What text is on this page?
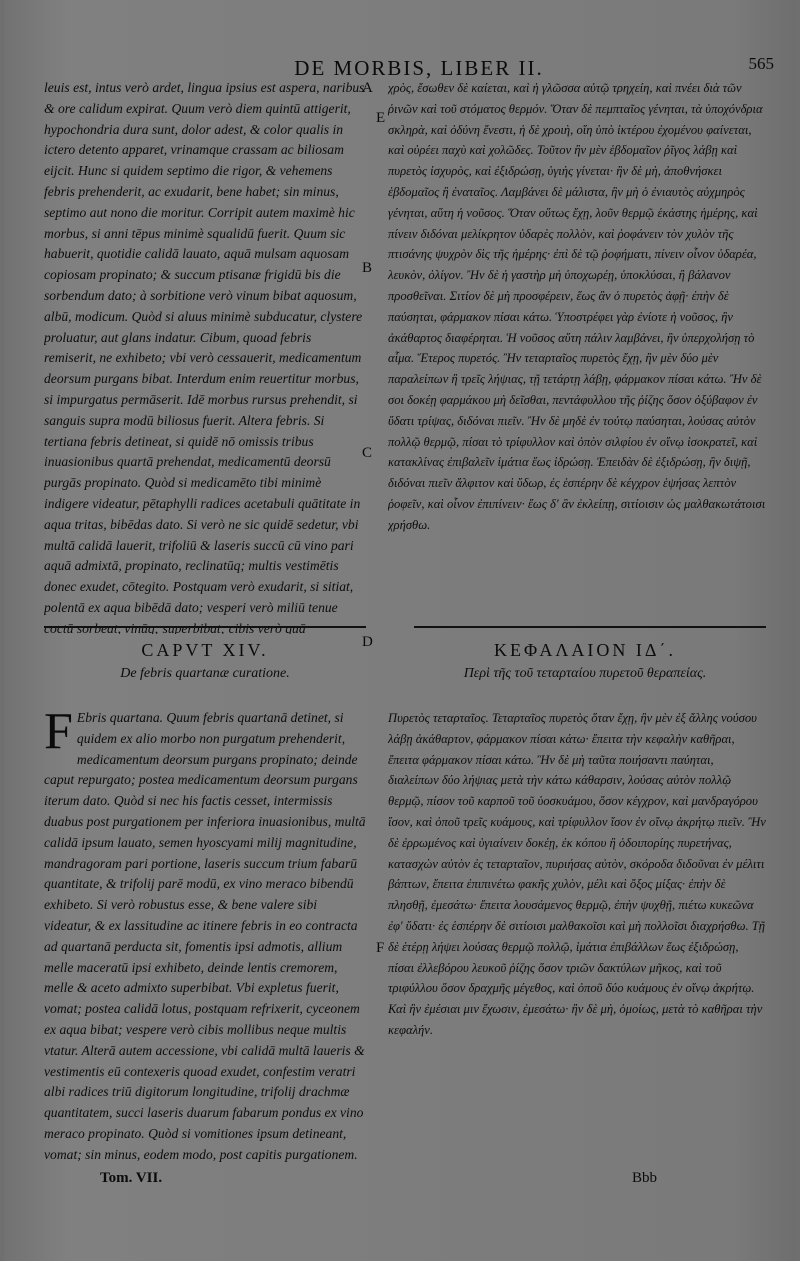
DE MORBIS, LIBER II.	565

leuis est, intus verò ardet, lingua ipsius est aspera, naribus & ore calidum expirat. Quum verò diem quintū attigerit, hypochondria dura sunt, dolor adest, & color qualis in ictero detento apparet, vrinamque crassam ac biliosam eijcit. Hunc si quidem septimo die rigor, & vehemens febris prehenderit, ac exudarit, bene habet; sin minus, septimo aut nono die moritur. Corripit autem maximè hic morbus, si anni tēpus minimè squalidū fuerit. Quum sic habuerit, quotidie calidā lauato, aquā mulsam aquosam copiosam propinato; & succum ptisanæ frigidū bis die sorbendum dato; à sorbitione verò vinum bibat aquosum, albū, modicum. Quòd si aluus minimè subducatur, clystere proluatur, aut glans indatur. Cibum, quoad febris remiserit, ne exhibeto; vbi verò cessauerit, medicamentum deorsum purgans bibat. Interdum enim reuertitur morbus, si impurgatus permāserit. Idē morbus rursus prehendit, si sanguis supra modū biliosus fuerit. Altera febris. Si tertiana febris detineat, si quidē nō omissis tribus inuasionibus quartā prehendat, medicamentū deorsū purgās propinato. Quòd si medicamēto tibi minimè indigere videatur, pētaphylli radices acetabuli quātitate in aqua tritas, bibēdas dato. Si verò ne sic quidē sedetur, vbi multā calidā lauerit, trifoliū & laseris succū cū vino pari aquā admixtā, propinato, reclinatūq; multis vestimētis donec exudet, cōtegito. Postquam verò exudarit, si sitiat, polentā ex aqua bibēdā dato; vesperi verò miliū tenue

A
B
C
D
E
F

χρὸς, ἔσωθεν δὲ καίεται, καὶ ἡ γλῶσσα αὐτῷ τρηχείη, καὶ πνέει διὰ τῶν ῥινῶν καὶ τοῦ στόματος θερμόν. Ὅταν δὲ πεμπταῖος γένηται, τὰ ὑποχόνδρια σκληρὰ, καὶ ὀδύνη ἔνεστι, ἡ δὲ χροιὴ, οἵη ὑπὸ ἰκτέρου ἐχομένου φαίνεται, καὶ οὐρέει παχὺ καὶ χολῶδες. Τοῦτον ἢν μὲν ἑβδομαῖον ῥῖγος λάβῃ καὶ πυρετὸς ἰσχυρὸς, καὶ ἐξιδρώσῃ, ὑγιὴς γίνεται· ἢν δὲ μὴ, ἀποθνήσκει ἑβδομαῖος ἢ ἐναταῖος. Λαμβάνει δὲ μάλιστα, ἢν μὴ ὁ ἐνιαυτὸς αὐχμηρὸς γένηται, αὕτη ἡ νοῦσος. Ὅταν οὕτως ἔχῃ, λοῦν θερμῷ ἑκάστης ἡμέρης, καὶ πίνειν διδόναι μελίκρητον ὑδαρὲς πολλὸν, καὶ ῥοφάνειν τὸν χυλὸν τῆς πτισάνης ψυχρὸν δὶς τῆς ἡμέρης· ἐπὶ δὲ τῷ ῥοφήματι, πίνειν οἶνον ὑδαρέα, λευκὸν, ὀλίγον. Ἢν δὲ ἡ γαστὴρ μὴ ὑποχωρέῃ, ὑποκλύσαι, ἢ βάλανον προσθεῖναι. Σιτίον δὲ μὴ προσφέρειν, ἕως ἂν ὁ πυρετὸς ἀφῇ· ἐπὴν δὲ παύσηται, φάρμακον πίσαι κάτω. Ὑποστρέφει γὰρ ἐνίοτε ἡ νοῦσος, ἢν ἀκάθαρτος διαφέρηται. Ἡ νοῦσος αὕτη πάλιν λαμβάνει, ἢν ὑπερχολήσῃ τὸ αἷμα. Ἕτερος πυρετός. Ἢν τεταρταῖος πυρετὸς ἔχῃ, ἢν μὲν δύο μὲν παραλείπων ἢ τρεῖς λήψιας, τῇ τετάρτῃ λάβῃ, φάρμακον πίσαι κάτω. Ἢν δὲ σοι δοκέῃ φαρμάκου μὴ δεῖσθαι, πεντάφυλλου τῆς ῥίζης ὅσον ὀξύβαφον ἐν ὕδατι τρίψας, διδόναι πιεῖν. Ἢν δὲ μηδὲ ἐν τούτῳ παύσηται, λούσας αὐτὸν πολλῷ θερμῷ, πίσαι τὸ τρίφυλλον καὶ ὀπὸν σιλφίου ἐν οἴνῳ ἰσοκρατεῖ, καὶ κατακλίνας ἐπιβαλεῖν ἱμάτια ἕως ἱδρώσῃ. Ἐπειδὰν δὲ ἐξιδρώσῃ, ἢν διψῇ, διδόναι πιεῖν ἄλφιτον καὶ ὕδωρ, ἐς ἑσπέρην δὲ κέγχρον ἑψήσας λεπτὸν ῥοφεῖν, καὶ οἶνον ἐπιπίνειν· ἕως δ' ἂν ἐκλείπῃ, σιτίοισιν ὡς μαλθακωτάτοισι χρήσθω.

CAPVT XIV.
De febris quartanæ curatione.
ΚΕΦΑΛΑΙΟΝ ΙΔ΄.
Περὶ τῆς τοῦ τεταρταίου πυρετοῦ θεραπείας.
F Ebris quartana. Quum febris quartanā detinet, si quidem ex alio morbo non purgatum prehenderit, medicamentum deorsum purgans propinato; deinde caput repurgato; postea medicamentum deorsum purgans iterum dato. Quòd si nec his factis cesset, intermissis duabus post purgationem per inferiora inuasionibus, multā calidā ipsum lauato, semen hyoscyami milij magnitudine, mandragoram pari portione, laseris succum trium fabarū quantitate, & trifolij parē modū, ex vino meraco bibendū exhibeto. Si verò robustus esse, & bene valere sibi videatur, & ex lassitudine ac itinere febris in eo contracta ad quartanā perducta sit, fomentis ipsi admotis, allium melle maceratū ipsi exhibeto, deinde lentis cremorem, melle & aceto admixto superbibat. Vbi expletus fuerit, vomat; postea calidā lotus, postquam refrixerit, cyceonem ex aqua bibat; vespere verò cibis mollibus neque multis vtatur. Alterā autem accessione, vbi calidā multā laueris & vestimentis eū contexeris quoad exudet, confestim veratri albi radices triū digitorum longitudine, trifolij drachmæ quantitatem, succi laseris duarum fabarum pondus ex vino meraco propinato. Quòd si vomitiones ipsum detineant, vomat; sin minus, eodem modo, post capitis purgationem.

Πυρετὸς τεταρταῖος. Τεταρταῖος πυρετὸς ὅταν ἔχῃ, ἢν μὲν ἐξ ἄλλης νούσου λάβῃ ἀκάθαρτον, φάρμακον πίσαι κάτω· ἔπειτα τὴν κεφαλὴν καθῆραι, ἔπειτα φάρμακον πίσαι κάτω. Ἢν δὲ μὴ ταῦτα ποιήσαντι παύηται, διαλείπων δύο λήψιας μετὰ τὴν κάτω κάθαρσιν, λούσας αὐτὸν πολλῷ θερμῷ, πίσον τοῦ καρποῦ τοῦ ὑοσκυάμου, ὅσον κέγχρον, καὶ μανδραγόρου ἴσον, καὶ ὀποῦ τρεῖς κυάμους, καὶ τρίφυλλον ἴσον ἐν οἴνῳ ἀκρήτῳ πιεῖν. Ἢν δὲ ἐρρωμένος καὶ ὑγιαίνειν δοκέῃ, ἐκ κόπου ἢ ὁδοιπορίης πυρετήνας, κατασχὼν αὐτὸν ἐς τεταρταῖον, πυριήσας αὐτὸν, σκόροδα διδοῦναι ἐν μέλιτι βάπτων, ἔπειτα ἐπιπινέτω φακῆς χυλὸν, μέλι καὶ ὄξος μίξας· ἐπὴν δὲ πλησθῇ, ἐμεσάτω· ἔπειτα λουσάμενος θερμῷ, ἐπὴν ψυχθῇ, πιέτω κυκεῶνα ἐφ' ὕδατι· ἐς ἑσπέρην δὲ σιτίοισι μαλθακοῖσι καὶ μὴ πολλοῖσι διαχρήσθω. Τῇ δὲ ἑτέρῃ λήψει λούσας θερμῷ πολλῷ, ἱμάτια ἐπιβάλλων ἕως ἐξιδρώσῃ, πίσαι ἐλλεβόρου λευκοῦ ῥίζης ὅσον τριῶν δακτύλων μῆκος, καὶ τοῦ τριφύλλου ὅσον δραχμῆς μέγεθος, καὶ ὀποῦ δύο κυάμους ἐν οἴνῳ ἀκρήτῳ. Καὶ ἢν ἐμέσιαι μιν ἔχωσιν, ἐμεσάτω· ἢν δὲ μὴ, ὁμοίως, μετὰ τὸ καθῆραι τὴν κεφαλήν.

Tom. VII.	Bbb
